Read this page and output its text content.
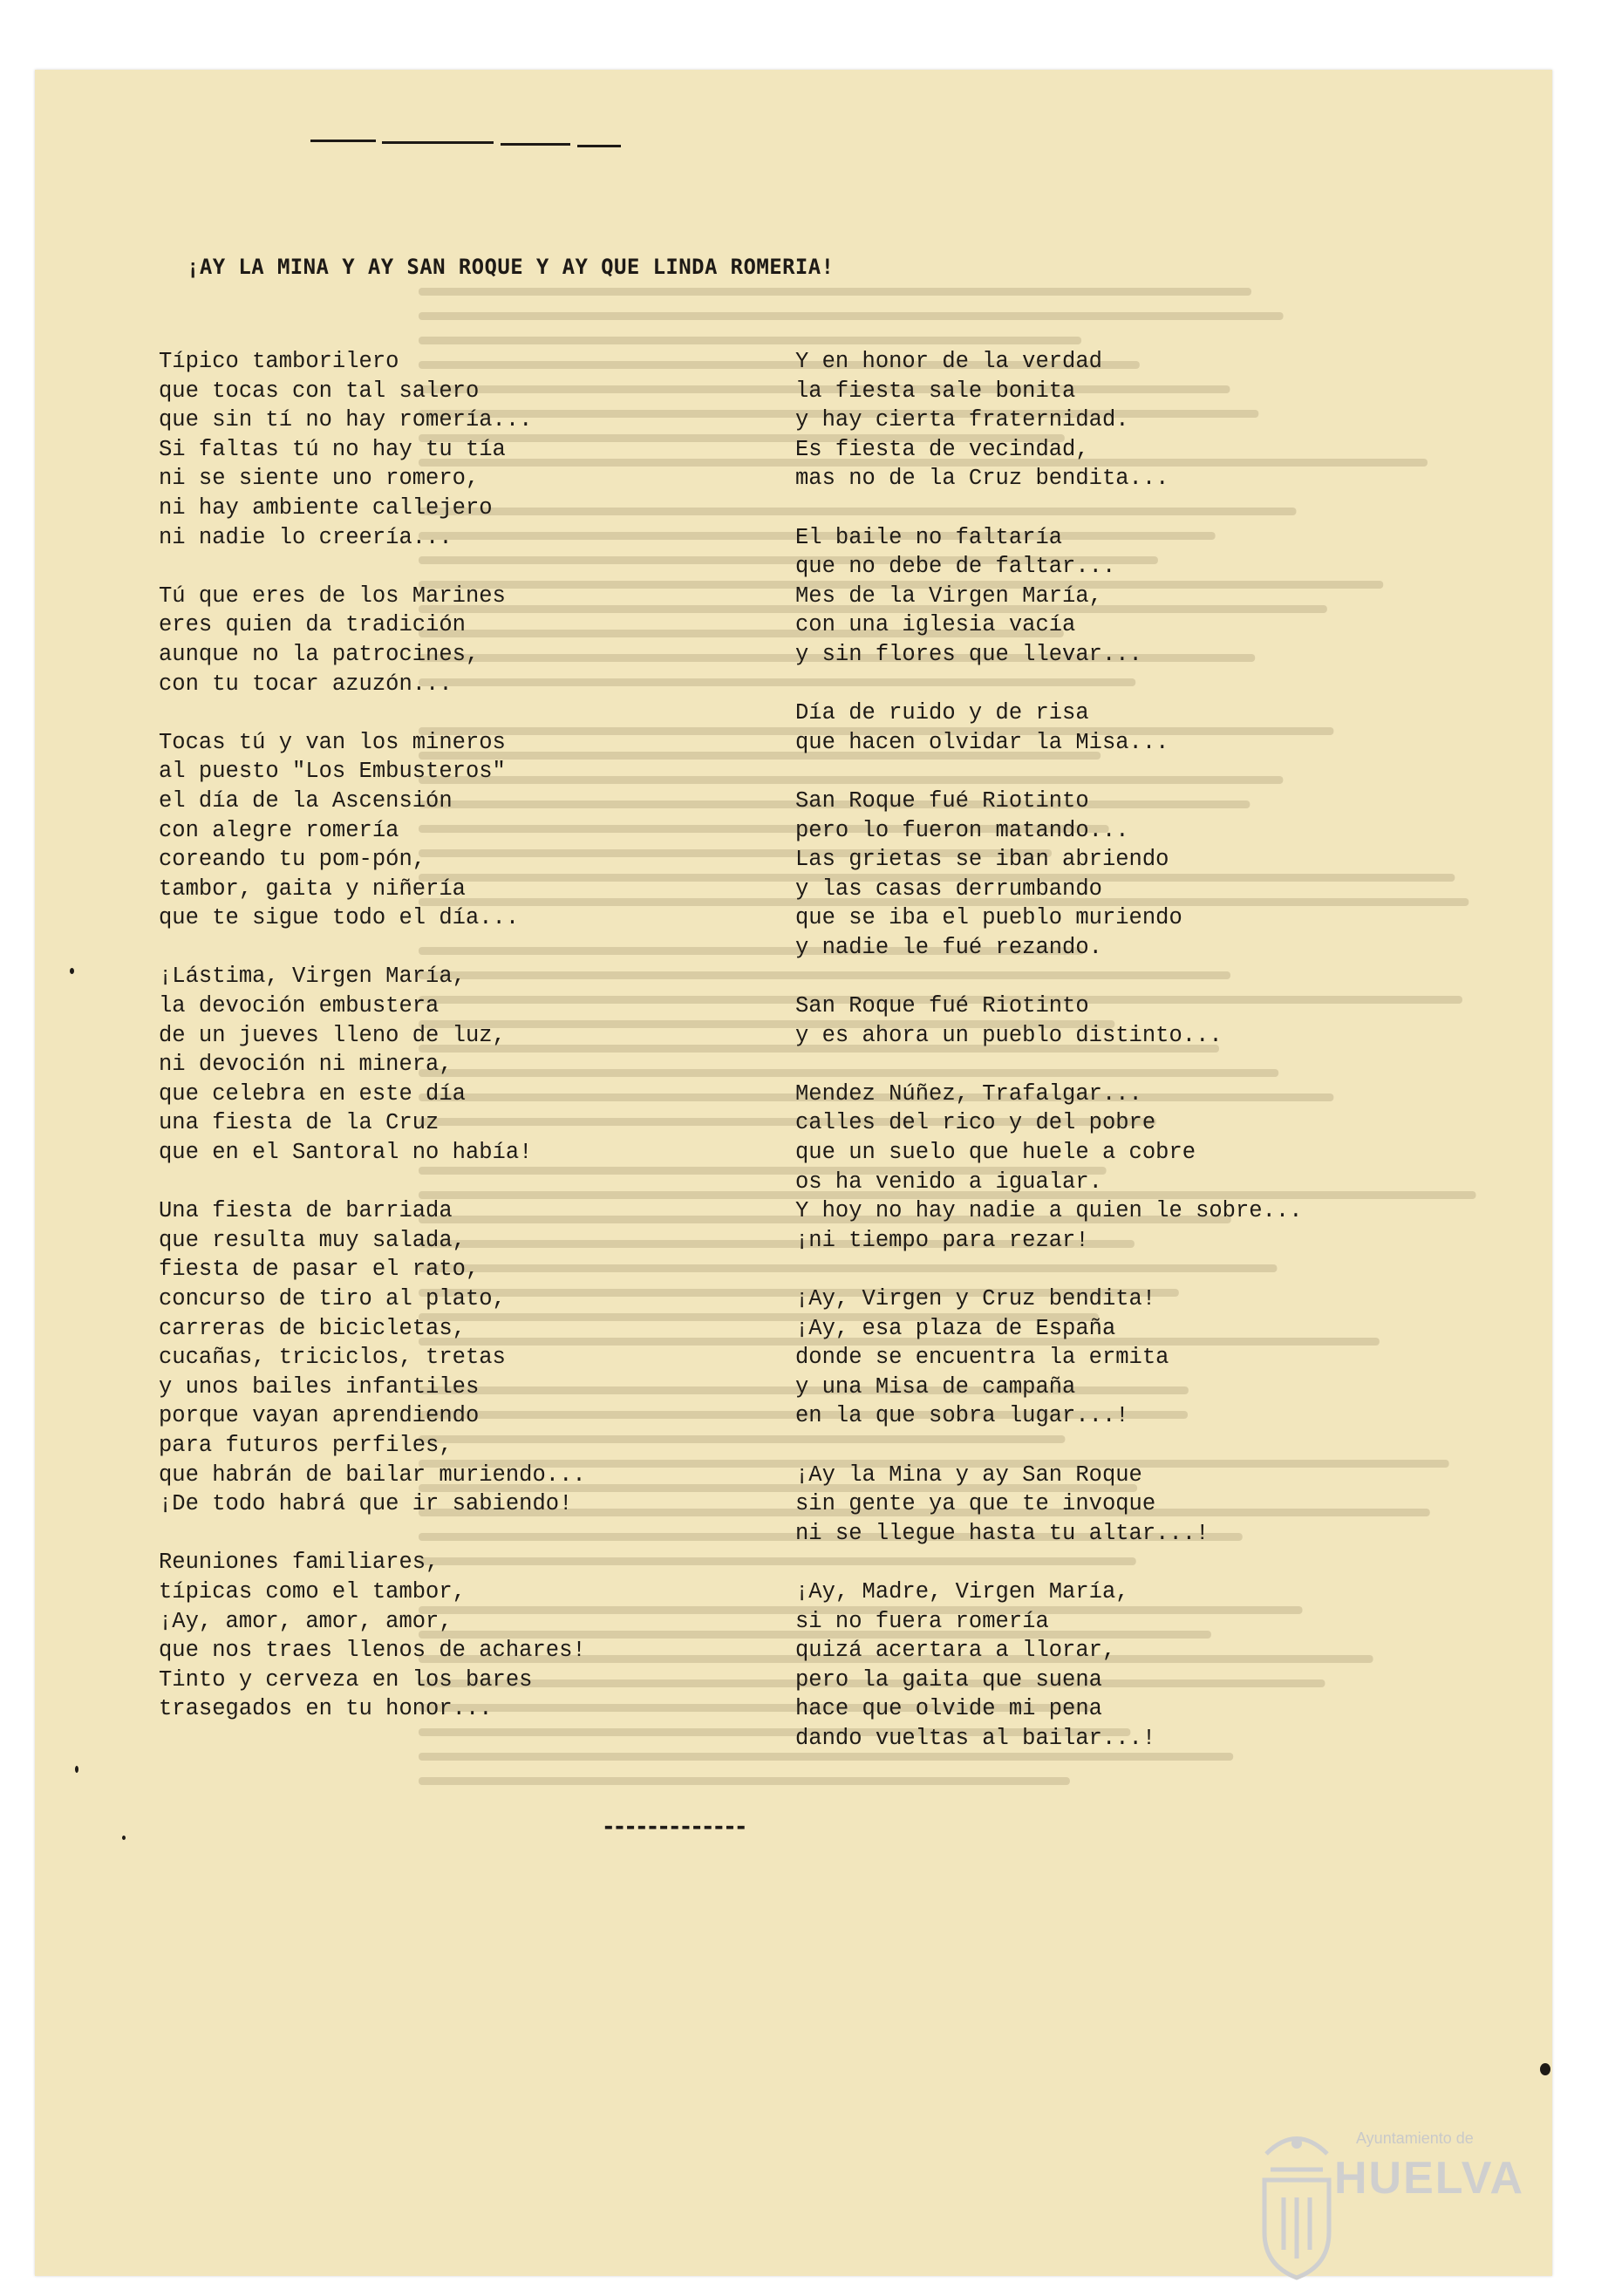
¡AY LA MINA Y AY SAN ROQUE Y AY QUE LINDA ROMERIA!
Típico tamborilero
que tocas con tal salero
que sin tí no hay romería...
Si faltas tú no hay tu tía
ni se siente uno romero,
ni hay ambiente callejero
ni nadie lo creería...
Tú que eres de los Marines
eres quien da tradición
aunque no la patrocines,
con tu tocar azuzón...
Tocas tú y van los mineros
al puesto "Los Embusteros"
el día de la Ascensión
con alegre romería
coreando tu pom-pón,
tambor, gaita y niñería
que te sigue todo el día...
¡Lástima, Virgen María,
la devoción embustera
de un jueves lleno de luz,
ni devoción ni minera,
que celebra en este día
una fiesta de la Cruz
que en el Santoral no había!
Una fiesta de barriada
que resulta muy salada,
fiesta de pasar el rato,
concurso de tiro al plato,
carreras de bicicletas,
cucañas, triciclos, tretas
y unos bailes infantiles
porque vayan aprendiendo
para futuros perfiles,
que habrán de bailar muriendo...
¡De todo habrá que ir sabiendo!
Reuniones familiares,
típicas como el tambor,
¡Ay, amor, amor, amor,
que nos traes llenos de achares!
Tinto y cerveza en los bares
trasegados en tu honor...
Y en honor de la verdad
la fiesta sale bonita
y hay cierta fraternidad.
Es fiesta de vecindad,
mas no de la Cruz bendita...
El baile no faltaría
que no debe de faltar...
Mes de la Virgen María,
con una iglesia vacía
y sin flores que llevar...
Día de ruido y de risa
que hacen olvidar la Misa...
San Roque fué Riotinto
pero lo fueron matando...
Las grietas se iban abriendo
y las casas derrumbando
que se iba el pueblo muriendo
y nadie le fué rezando.
San Roque fué Riotinto
y es ahora un pueblo distinto...
Mendez Núñez, Trafalgar...
calles del rico y del pobre
que un suelo que huele a cobre
os ha venido a igualar.
Y hoy no hay nadie a quien le sobre...
¡ni tiempo para rezar!
¡Ay, Virgen y Cruz bendita!
¡Ay, esa plaza de España
donde se encuentra la ermita
y una Misa de campaña
en la que sobra lugar...!
¡Ay la Mina y ay San Roque
sin gente ya que te invoque
ni se llegue hasta tu altar...!
¡Ay, Madre, Virgen María,
si no fuera romería
quizá acertara a llorar,
pero la gaita que suena
hace que olvide mi pena
dando vueltas al bailar...!
-------------
Ayuntamiento de
HUELVA
